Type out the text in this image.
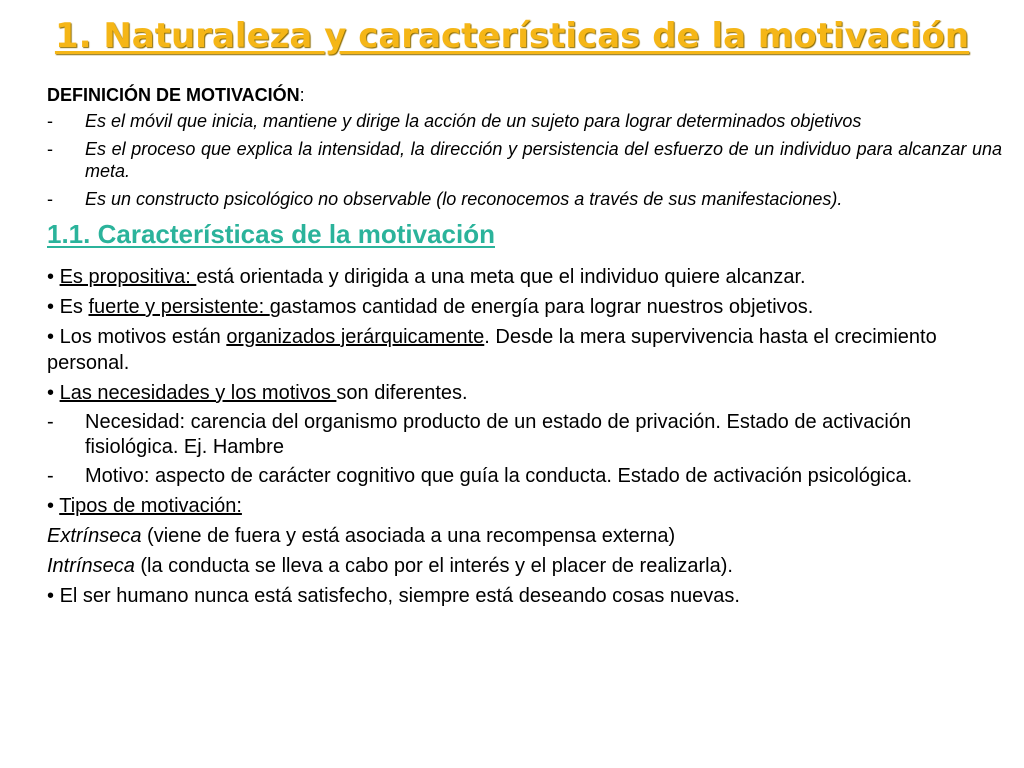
1. Naturaleza y características de la motivación
DEFINICIÓN DE MOTIVACIÓN:
-	Es el móvil que inicia, mantiene y dirige la acción de un sujeto para lograr determinados objetivos
-	Es el proceso que explica la intensidad, la dirección y persistencia del esfuerzo de un individuo para alcanzar una meta.
-	Es un constructo psicológico no observable (lo reconocemos a través de sus manifestaciones).
1.1. Características de la motivación
• Es propositiva: está orientada y dirigida a una meta que el individuo quiere alcanzar.
• Es fuerte y persistente: gastamos cantidad de energía para lograr nuestros objetivos.
• Los motivos están organizados jerárquicamente. Desde la mera supervivencia hasta el crecimiento personal.
• Las necesidades y los motivos son diferentes.
-	Necesidad: carencia del organismo producto de un estado de privación. Estado de activación fisiológica. Ej. Hambre
-	Motivo: aspecto de carácter cognitivo que guía la conducta. Estado de activación psicológica.
• Tipos de motivación:
Extrínseca (viene de fuera y está asociada a una recompensa externa)
Intrínseca (la conducta se lleva a cabo por el interés y el placer de realizarla).
• El ser humano nunca está satisfecho, siempre está deseando cosas nuevas.
